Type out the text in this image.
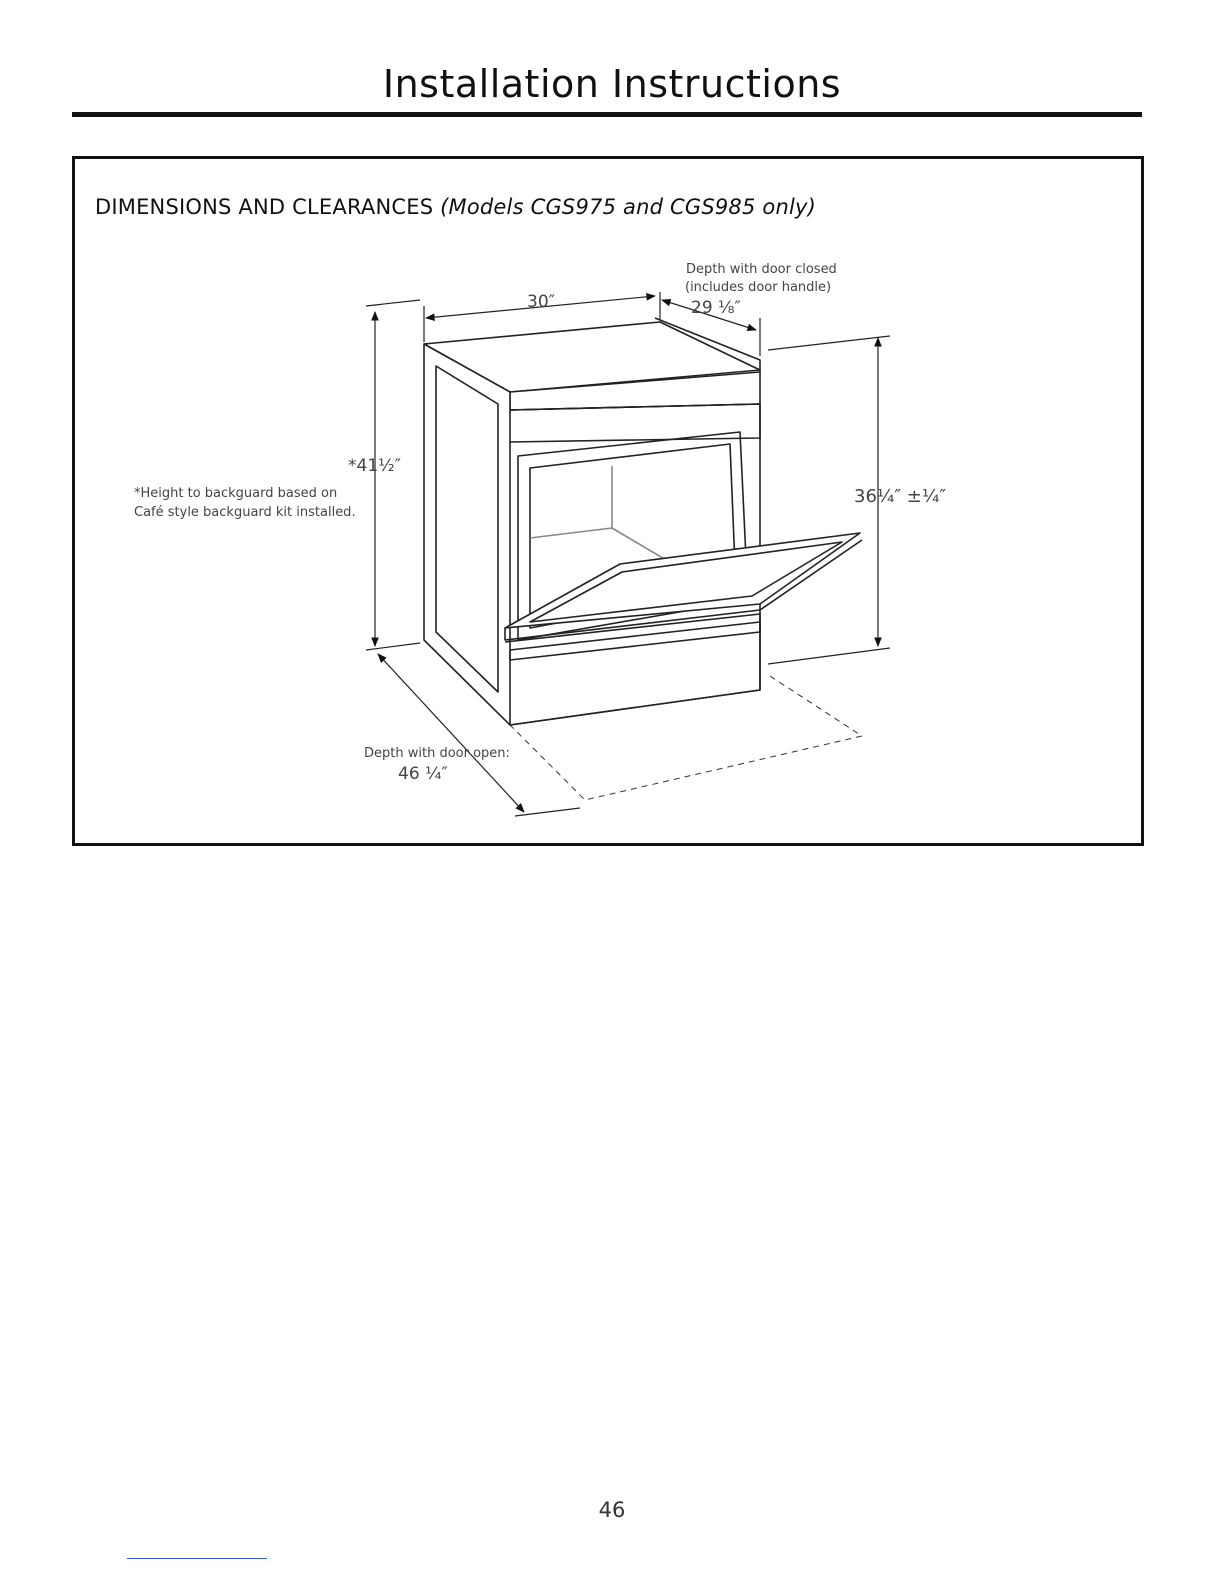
Installation Instructions
DIMENSIONS AND CLEARANCES (Models CGS975 and CGS985 only)
30″
Depth with door closed
(includes door handle)
29 ⅛″
*41½″
*Height to backguard based on
Café style backguard kit installed.
36¼″ ±¼″
Depth with door open:
46 ¼″
46
